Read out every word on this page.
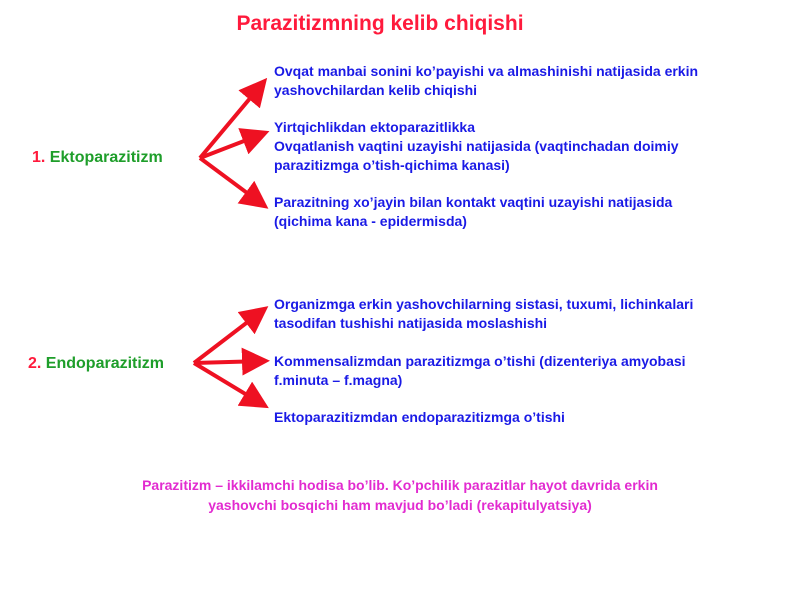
Parazitizmning kelib chiqishi
1. Ektoparazitizm
Ovqat manbai sonini ko’payishi va almashinishi natijasida erkin
yashovchilardan kelib chiqishi
Yirtqichlikdan ektoparazitlikka
Ovqatlanish vaqtini uzayishi natijasida (vaqtinchadan doimiy
parazitizmga o’tish-qichima kanasi)
Parazitning xo’jayin bilan kontakt vaqtini uzayishi natijasida
(qichima kana - epidermisda)
2. Endoparazitizm
Organizmga erkin yashovchilarning sistasi, tuxumi, lichinkalari
tasodifan tushishi natijasida moslashishi
Kommensalizmdan parazitizmga o’tishi (dizenteriya amyobasi
f.minuta – f.magna)
Ektoparazitizmdan endoparazitizmga o’tishi
Parazitizm – ikkilamchi hodisa bo’lib. Ko’pchilik parazitlar hayot davrida erkin
yashovchi bosqichi ham mavjud bo’ladi (rekapitulyatsiya)
